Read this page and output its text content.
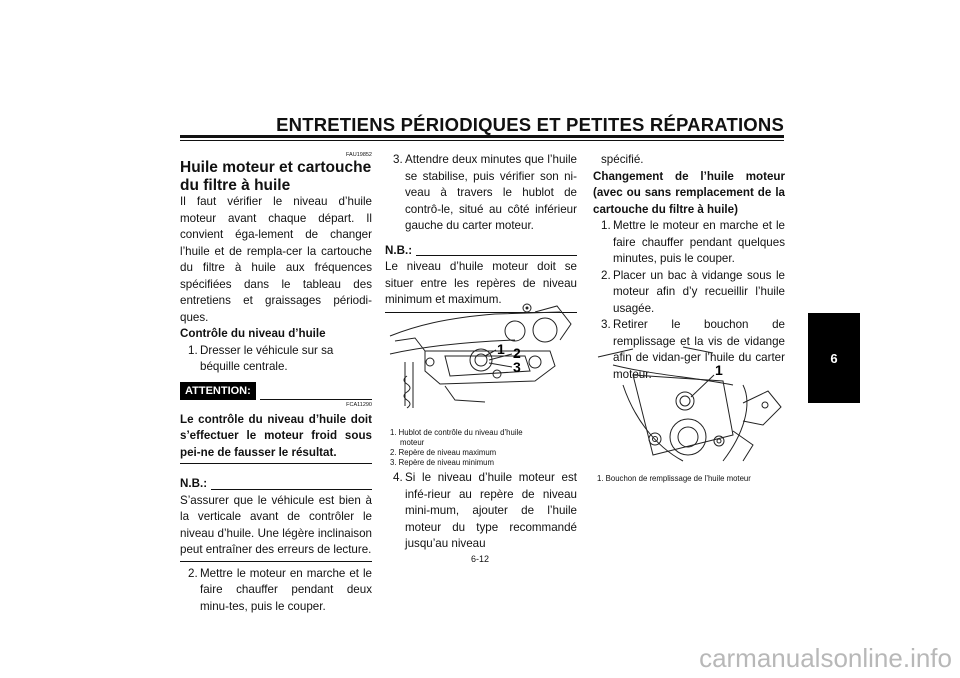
ENTRETIENS PÉRIODIQUES ET PETITES RÉPARATIONS
6
FAU19852

Huile moteur et cartouche du filtre à huile

Il faut vérifier le niveau d’huile moteur avant chaque départ. Il convient éga-lement de changer l’huile et de rempla-cer la cartouche du filtre à huile aux fréquences spécifiées dans le tableau des entretiens et graissages périodi-ques.

Contrôle du niveau d’huile

1. Dresser le véhicule sur sa béquille centrale.

ATTENTION:
FCA11290

Le contrôle du niveau d’huile doit s’effectuer le moteur froid sous pei-ne de fausser le résultat.

N.B.:

S’assurer que le véhicule est bien à la verticale avant de contrôler le niveau d’huile. Une légère inclinaison peut entraîner des erreurs de lecture.

2. Mettre le moteur en marche et le faire chauffer pendant deux minu-tes, puis le couper.

3. Attendre deux minutes que l’huile se stabilise, puis vérifier son ni-veau à travers le hublot de contrô-le, situé au côté inférieur gauche du carter moteur.

N.B.:

Le niveau d’huile moteur doit se situer entre les repères de niveau minimum et maximum.

1 2
3
1. Hublot de contrôle du niveau d’huile
moteur
2. Repère de niveau maximum
3. Repère de niveau minimum

4. Si le niveau d’huile moteur est infé-rieur au repère de niveau mini-mum, ajouter de l’huile moteur du type recommandé jusqu’au niveau

spécifié.

Changement de l’huile moteur (avec ou sans remplacement de la cartouche du filtre à huile)

1. Mettre le moteur en marche et le faire chauffer pendant quelques minutes, puis le couper.

2. Placer un bac à vidange sous le moteur afin d’y recueillir l’huile usagée.

3. Retirer le bouchon de remplissage et la vis de vidange afin de vidan-ger l’huile du carter moteur.	1
1. Bouchon de remplissage de l’huile moteur
6-12
carmanualsonline.info
